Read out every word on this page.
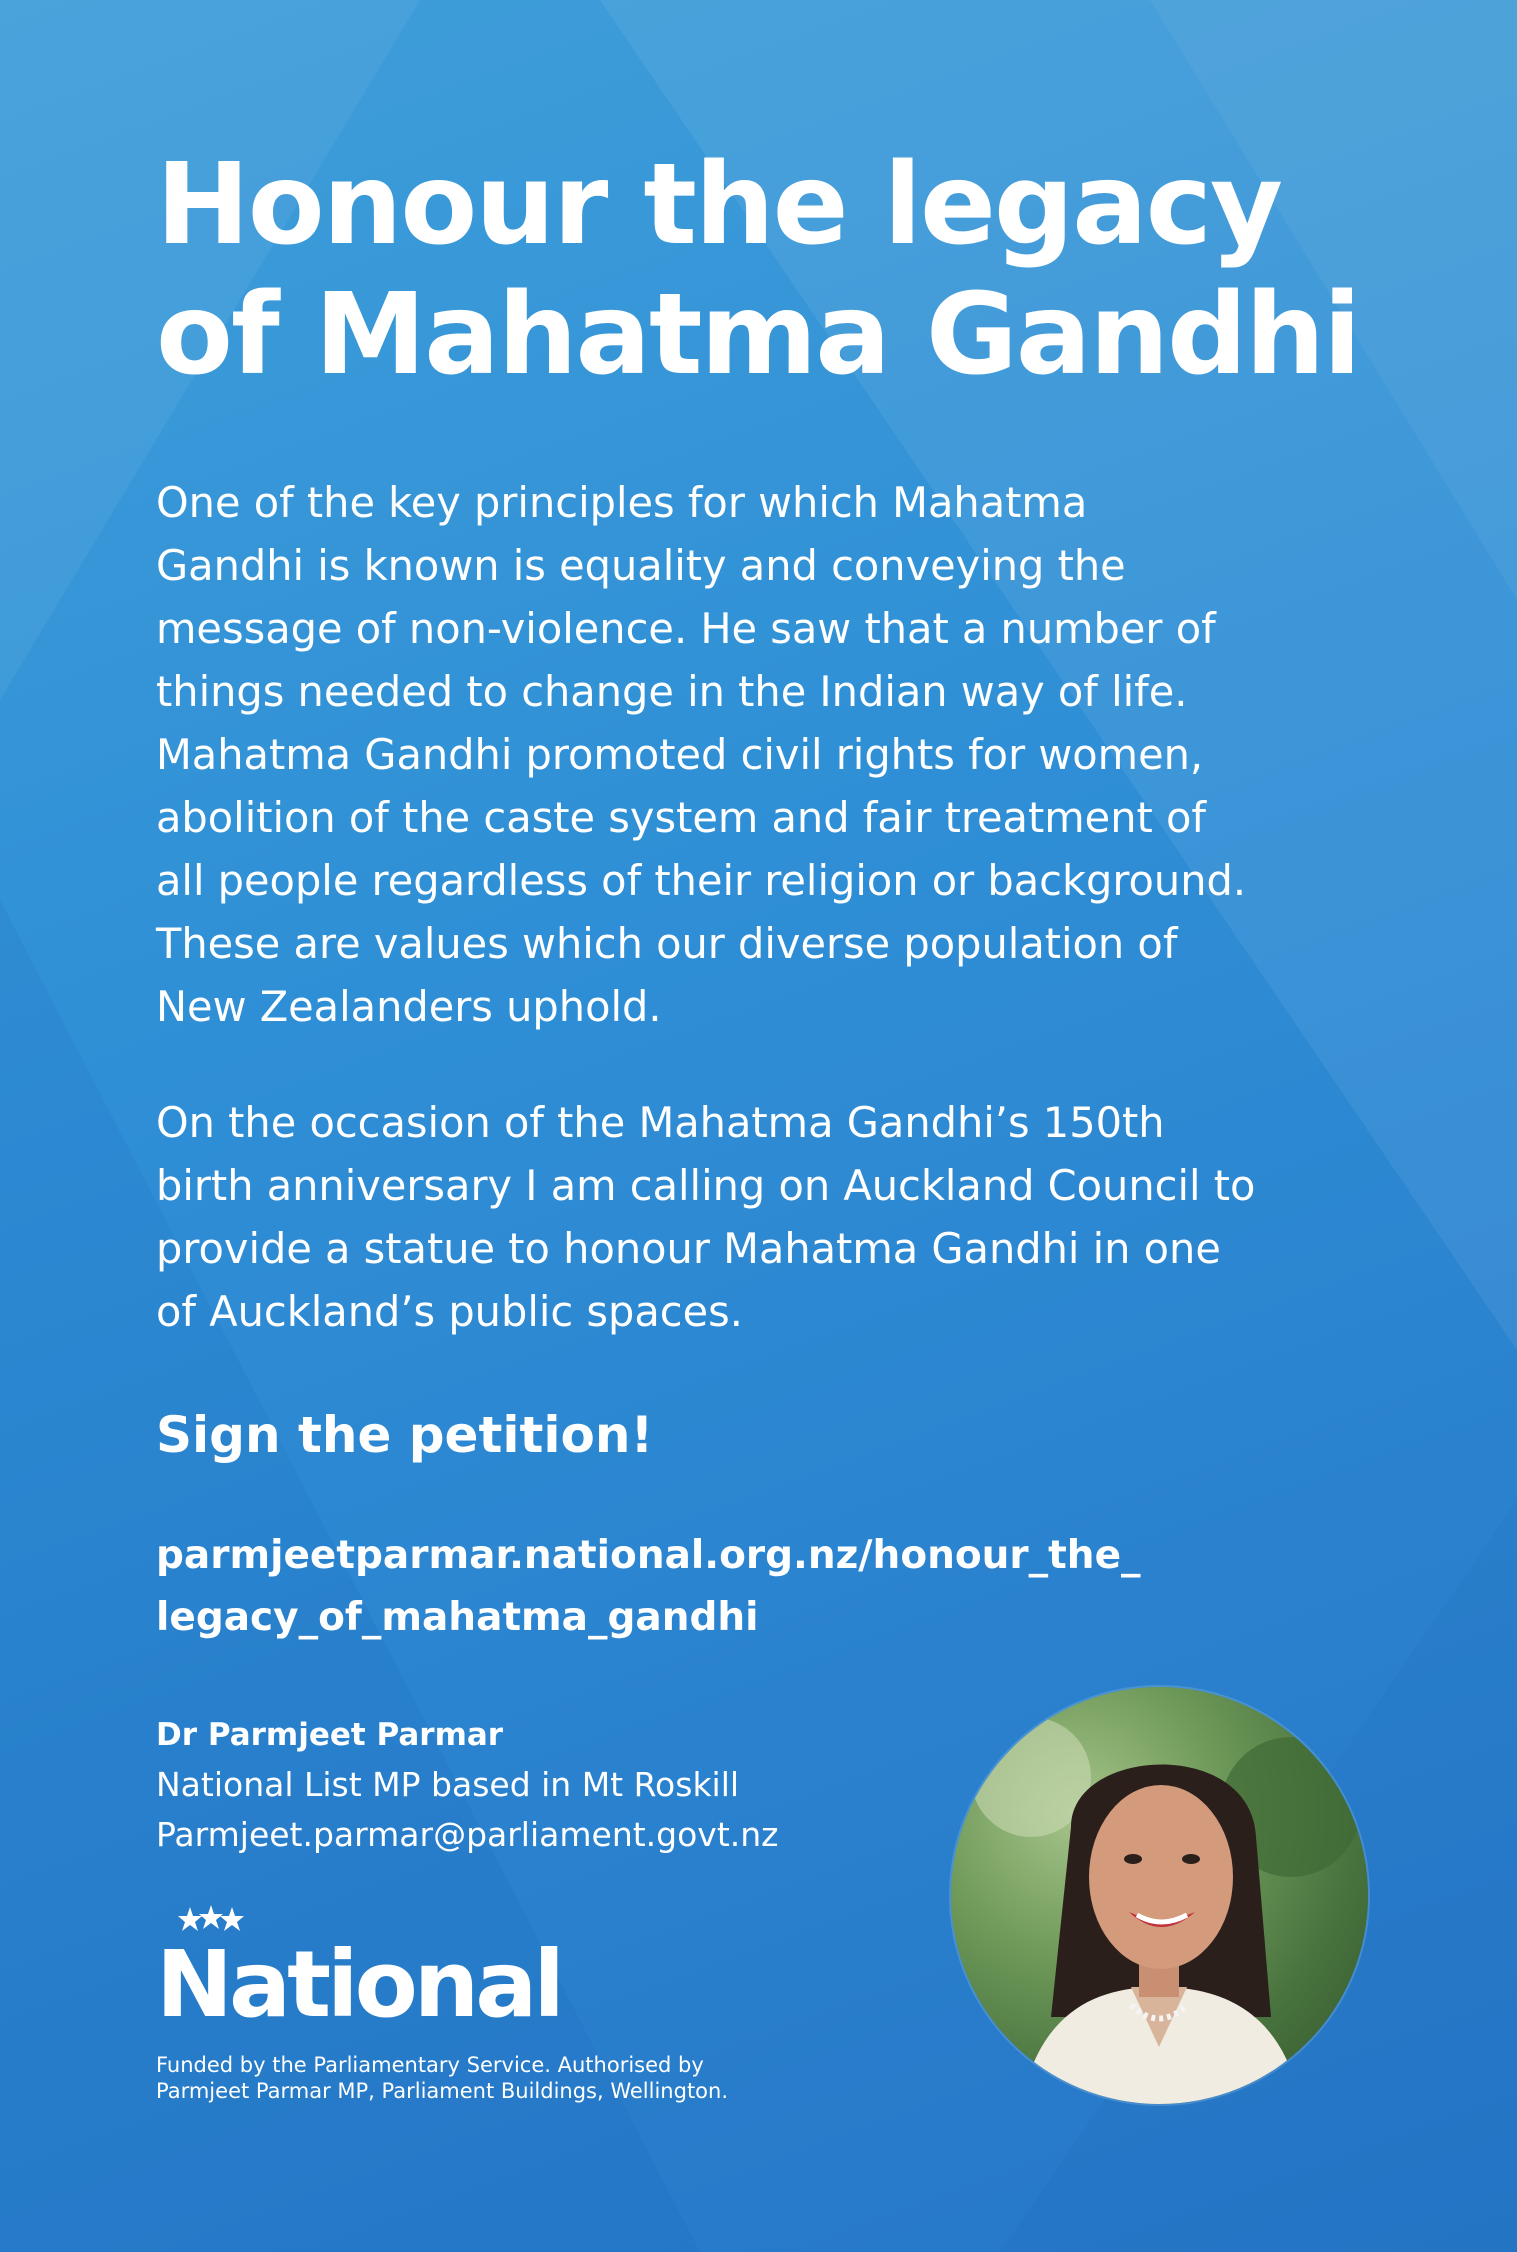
Honour the legacy
of Mahatma Gandhi

One of the key principles for which Mahatma
Gandhi is known is equality and conveying the
message of non-violence. He saw that a number of
things needed to change in the Indian way of life.
Mahatma Gandhi promoted civil rights for women,
abolition of the caste system and fair treatment of
all people regardless of their religion or background.
These are values which our diverse population of
New Zealanders uphold.

On the occasion of the Mahatma Gandhi’s 150th
birth anniversary I am calling on Auckland Council to
provide a statue to honour Mahatma Gandhi in one
of Auckland’s public spaces.

Sign the petition!
parmjeetparmar.national.org.nz/honour_the_
legacy_of_mahatma_gandhi
Dr Parmjeet Parmar
National List MP based in Mt Roskill
Parmjeet.parmar@parliament.govt.nz
National
Funded by the Parliamentary Service. Authorised by
Parmjeet Parmar MP, Parliament Buildings, Wellington.
